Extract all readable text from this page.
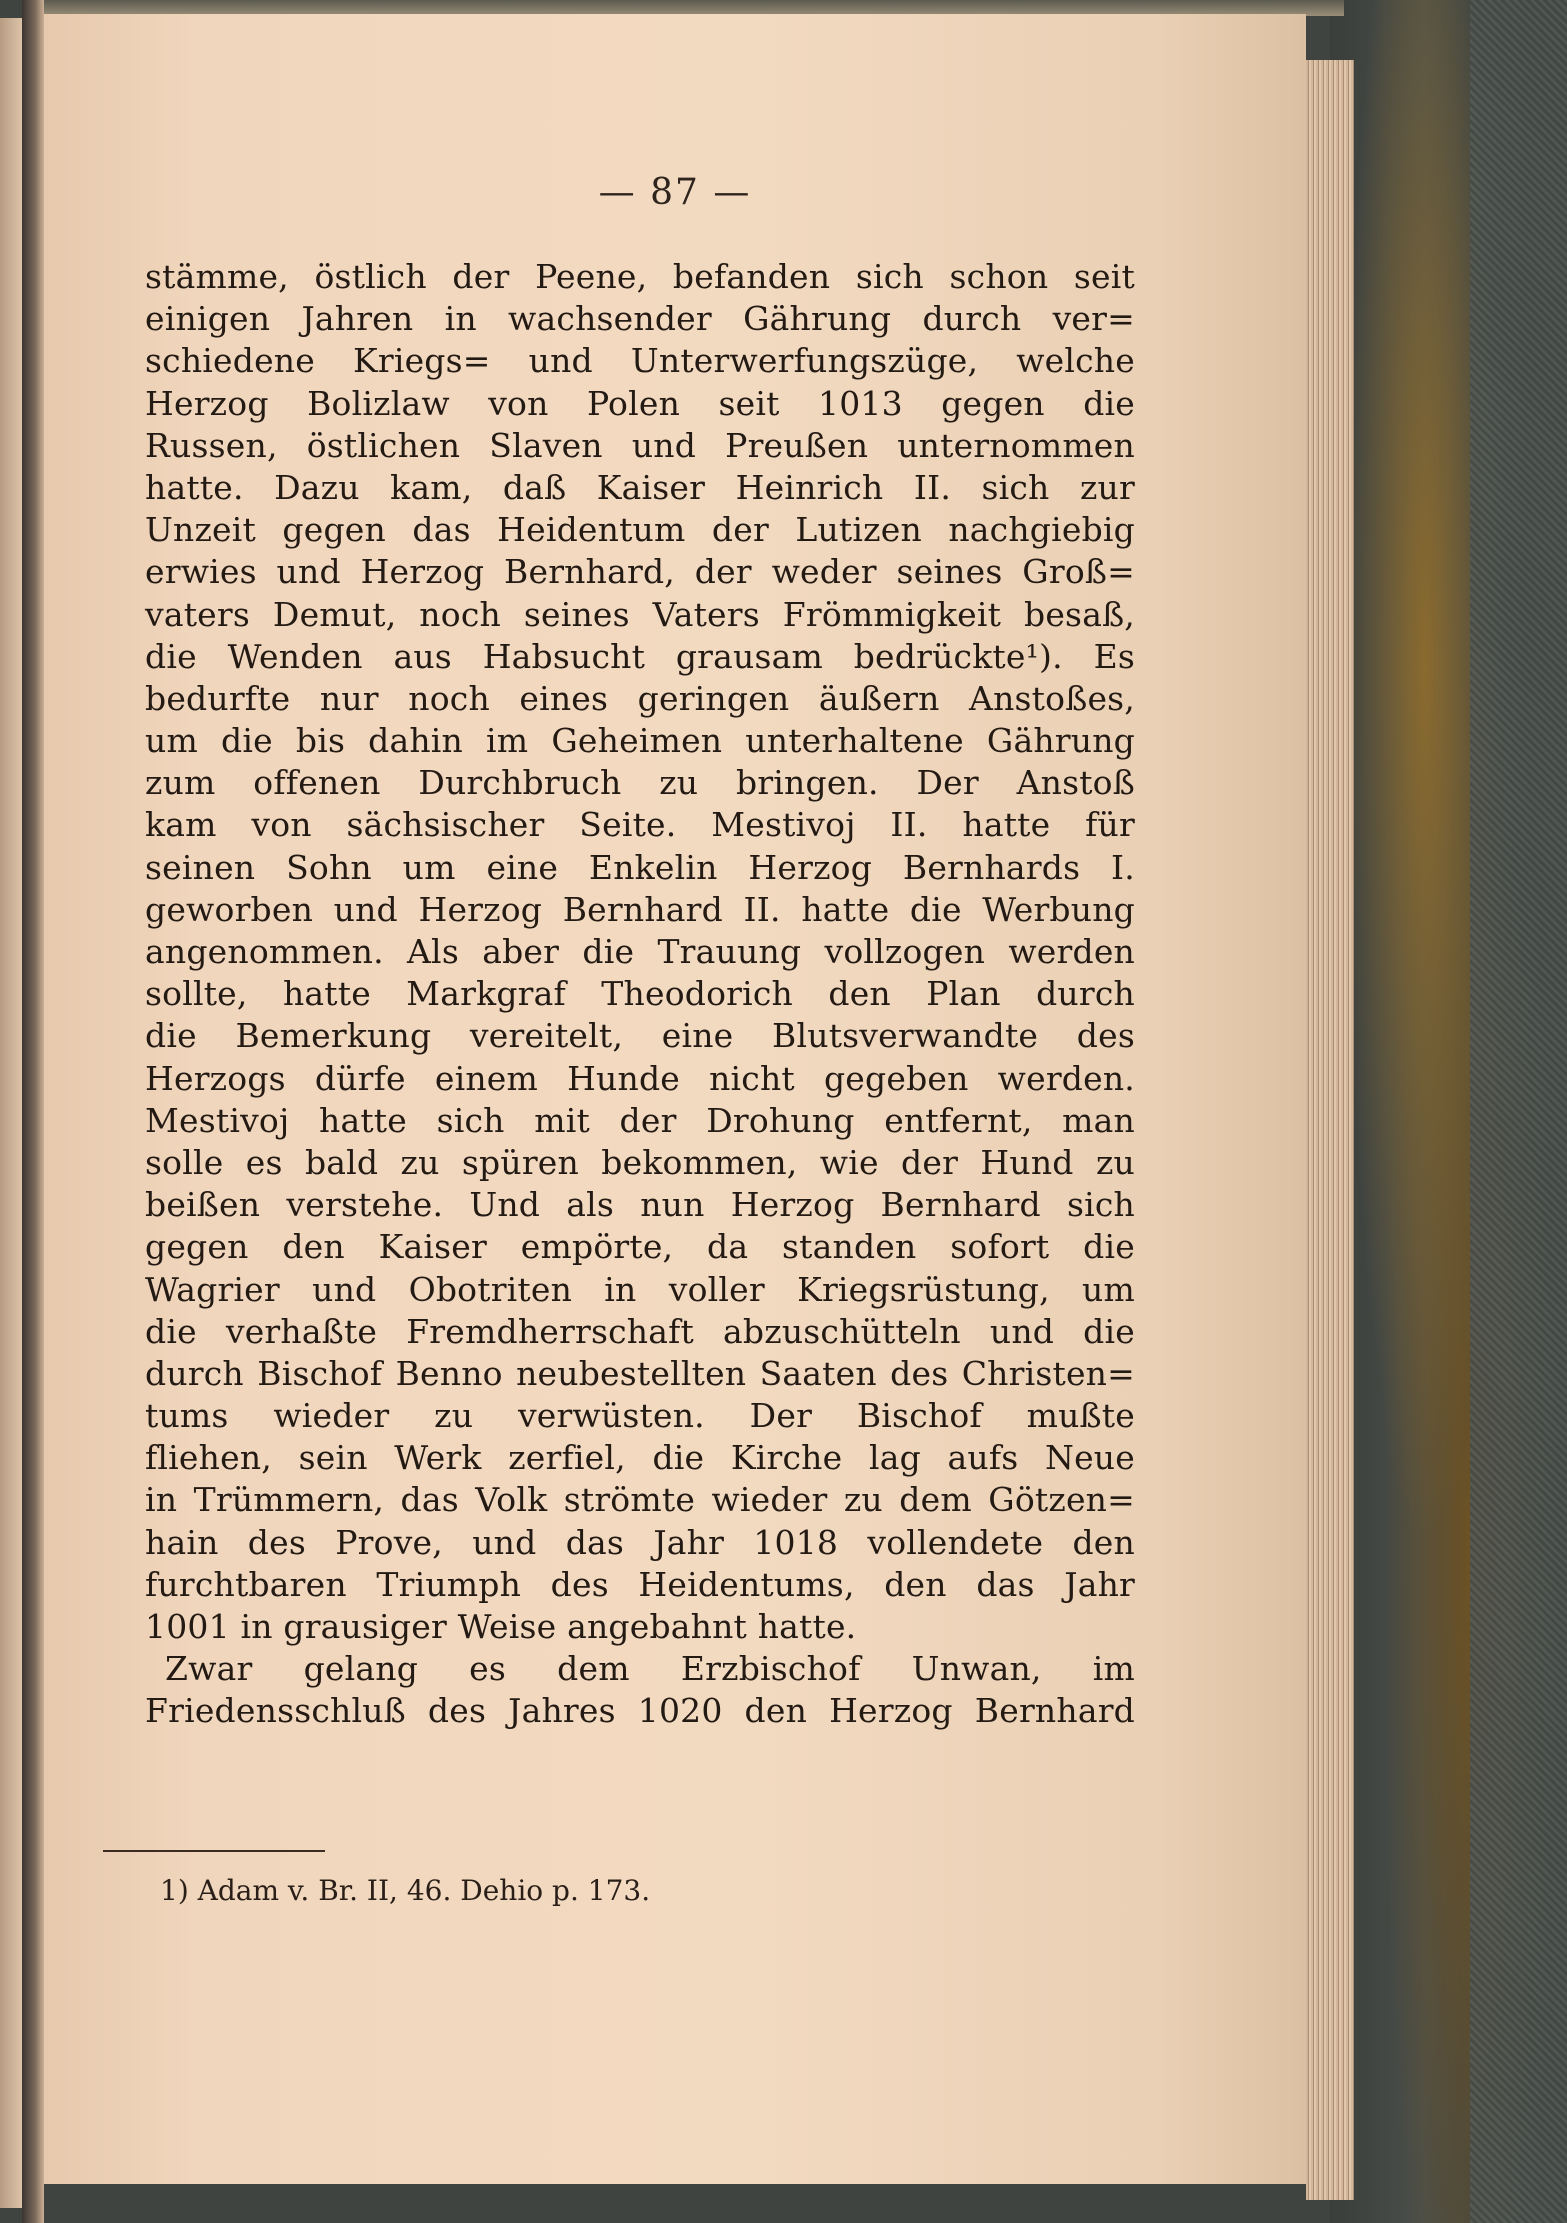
— 87 —
stämme, östlich der Peene, befanden sich schon seit
einigen Jahren in wachsender Gährung durch ver=
schiedene Kriegs= und Unterwerfungszüge, welche
Herzog Bolizlaw von Polen seit 1013 gegen die
Russen, östlichen Slaven und Preußen unternommen
hatte. Dazu kam, daß Kaiser Heinrich II. sich zur
Unzeit gegen das Heidentum der Lutizen nachgiebig
erwies und Herzog Bernhard, der weder seines Groß=
vaters Demut, noch seines Vaters Frömmigkeit besaß,
die Wenden aus Habsucht grausam bedrückte¹). Es
bedurfte nur noch eines geringen äußern Anstoßes,
um die bis dahin im Geheimen unterhaltene Gährung
zum offenen Durchbruch zu bringen. Der Anstoß
kam von sächsischer Seite. Mestivoj II. hatte für
seinen Sohn um eine Enkelin Herzog Bernhards I.
geworben und Herzog Bernhard II. hatte die Werbung
angenommen. Als aber die Trauung vollzogen werden
sollte, hatte Markgraf Theodorich den Plan durch
die Bemerkung vereitelt, eine Blutsverwandte des
Herzogs dürfe einem Hunde nicht gegeben werden.
Mestivoj hatte sich mit der Drohung entfernt, man
solle es bald zu spüren bekommen, wie der Hund zu
beißen verstehe. Und als nun Herzog Bernhard sich
gegen den Kaiser empörte, da standen sofort die
Wagrier und Obotriten in voller Kriegsrüstung, um
die verhaßte Fremdherrschaft abzuschütteln und die
durch Bischof Benno neubestellten Saaten des Christen=
tums wieder zu verwüsten. Der Bischof mußte
fliehen, sein Werk zerfiel, die Kirche lag aufs Neue
in Trümmern, das Volk strömte wieder zu dem Götzen=
hain des Prove, und das Jahr 1018 vollendete den
furchtbaren Triumph des Heidentums, den das Jahr
1001 in grausiger Weise angebahnt hatte.
Zwar gelang es dem Erzbischof Unwan, im
Friedensschluß des Jahres 1020 den Herzog Bernhard
1) Adam v. Br. II, 46. Dehio p. 173.
